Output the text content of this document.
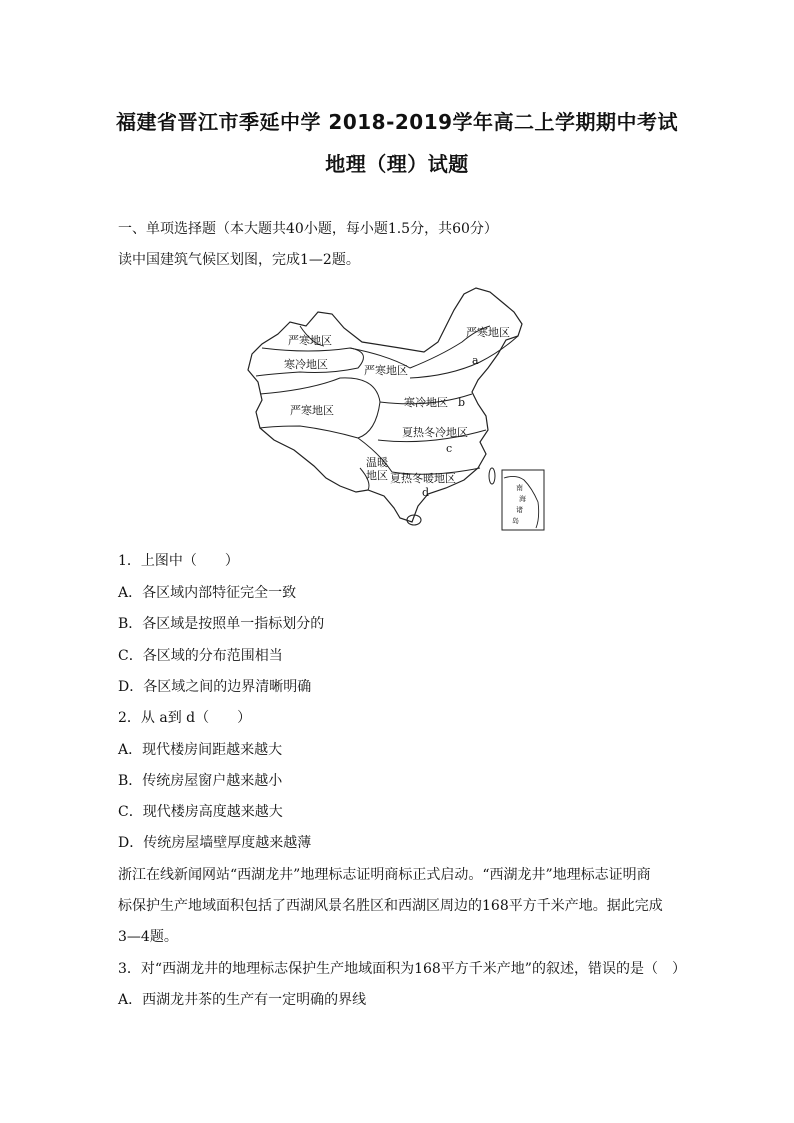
福建省晋江市季延中学 2018-2019学年高二上学期期中考试
地理（理）试题
一、单项选择题（本大题共40小题，每小题1.5分，共60分）
读中国建筑气候区划图，完成1—2题。
严寒地区
寒冷地区	严寒地区
严寒地区
a
严寒地区
寒冷地区 b
夏热冬冷地区
c
温暖
地区 夏热冬暖地区
d	南
海
诸
岛
1．上图中（　　）
A．各区域内部特征完全一致
B．各区域是按照单一指标划分的
C．各区域的分布范围相当
D．各区域之间的边界清晰明确
2．从 a到 d（　　）
A．现代楼房间距越来越大
B．传统房屋窗户越来越小
C．现代楼房高度越来越大
D．传统房屋墙壁厚度越来越薄
浙江在线新闻网站“西湖龙井”地理标志证明商标正式启动。“西湖龙井”地理标志证明商
标保护生产地域面积包括了西湖风景名胜区和西湖区周边的168平方千米产地。据此完成
3—4题。
3．对“西湖龙井的地理标志保护生产地域面积为168平方千米产地”的叙述，错误的是（　）
A．西湖龙井茶的生产有一定明确的界线
